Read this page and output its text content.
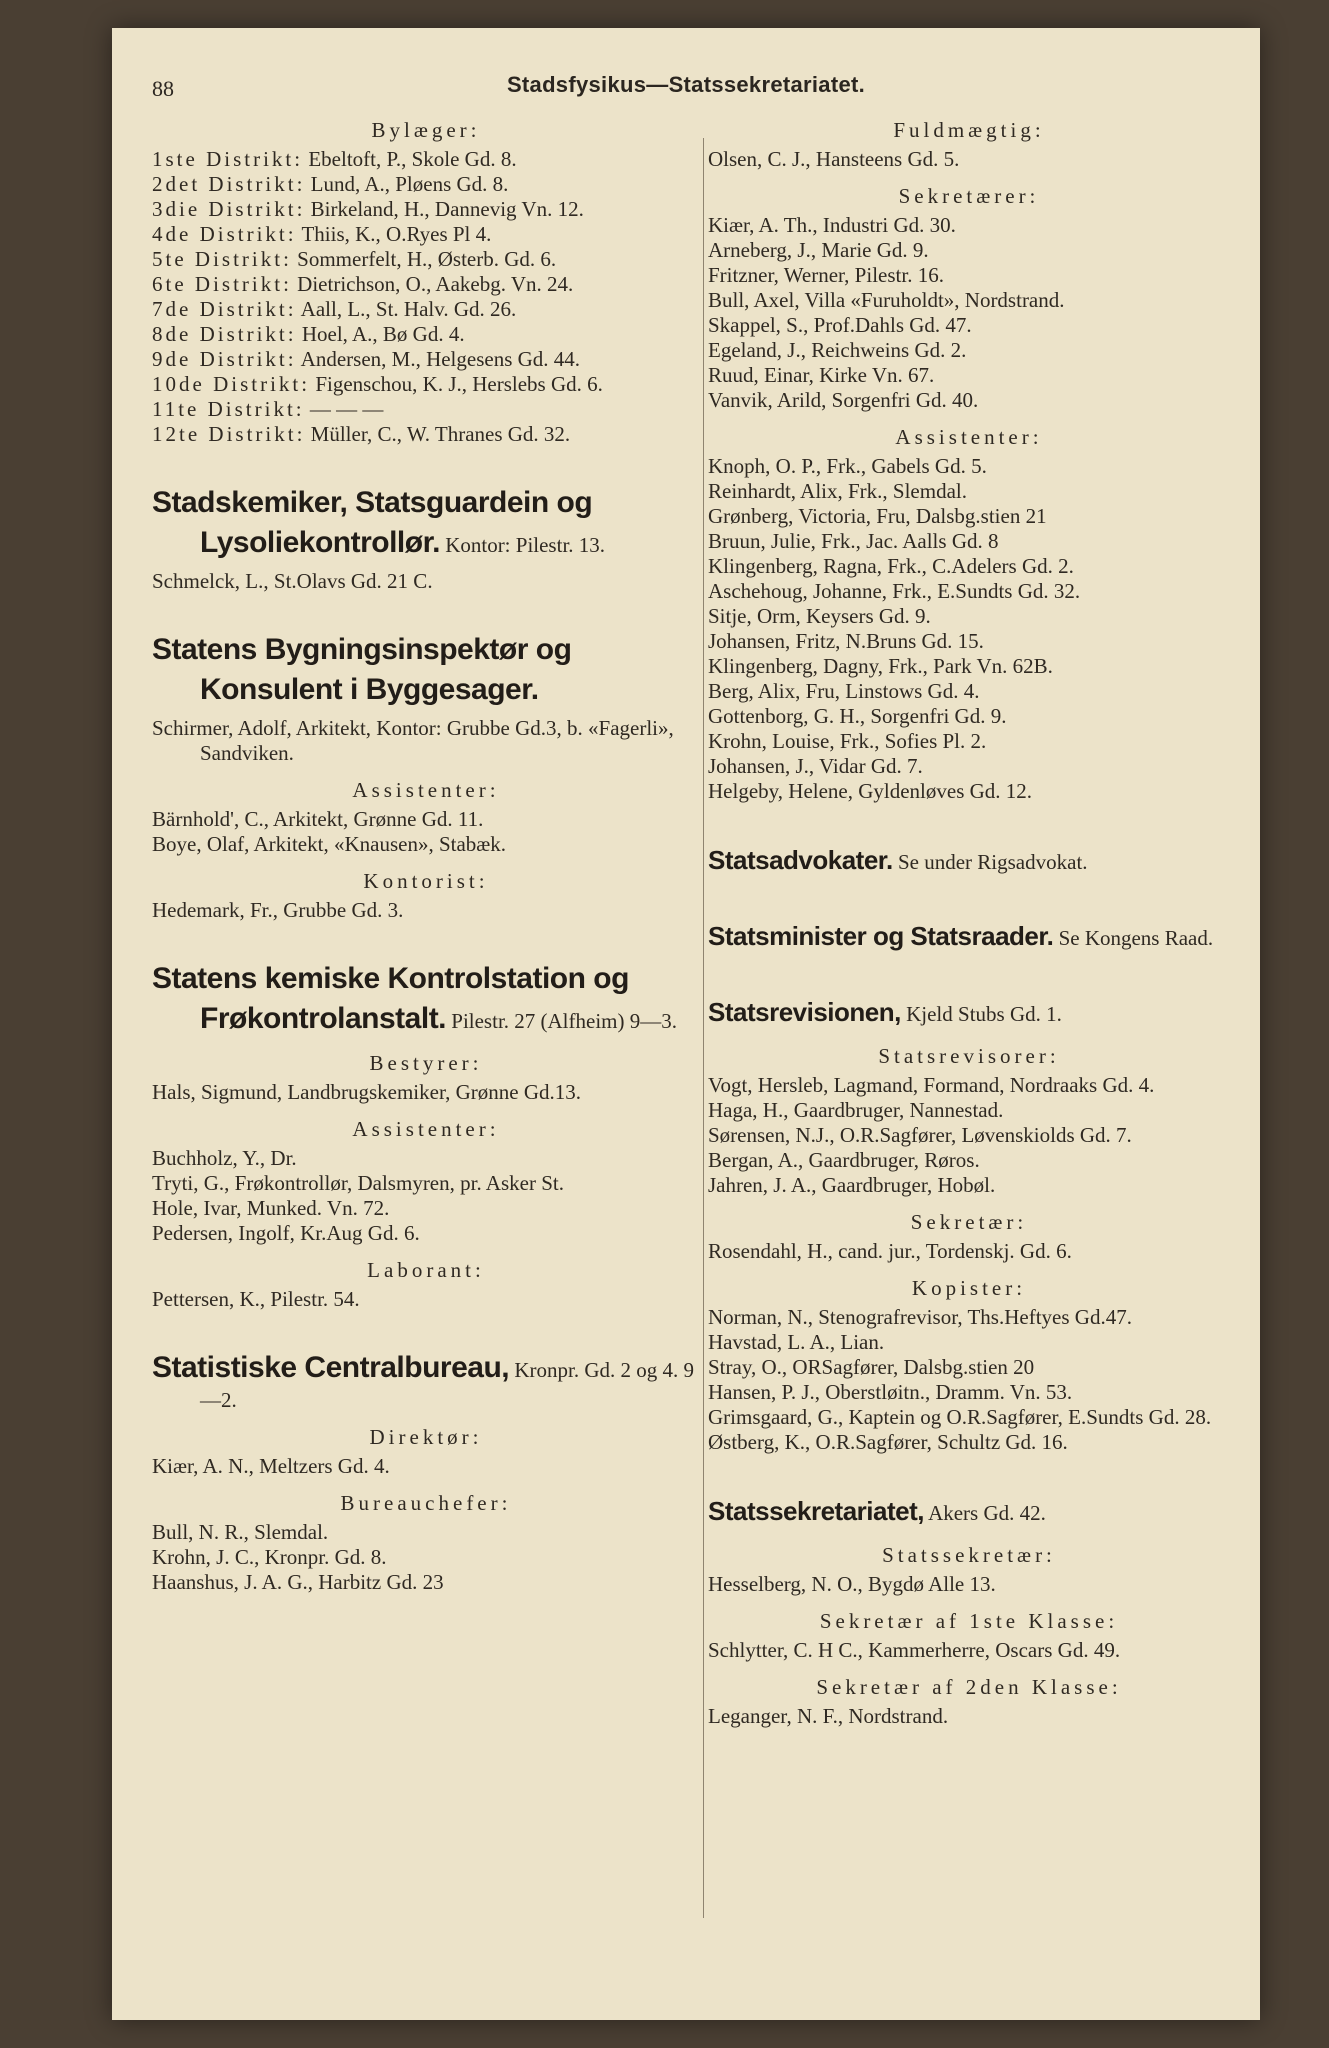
88	Stadsfysikus—Statssekretariatet.
Bylæger:
1ste Distrikt: Ebeltoft, P., Skole Gd. 8.
2det Distrikt: Lund, A., Pløens Gd. 8.
3die Distrikt: Birkeland, H., Dannevig Vn. 12.
4de Distrikt: Thiis, K., O.Ryes Pl 4.
5te Distrikt: Sommerfelt, H., Østerb. Gd. 6.
6te Distrikt: Dietrichson, O., Aakebg. Vn. 24.
7de Distrikt: Aall, L., St. Halv. Gd. 26.
8de Distrikt: Hoel, A., Bø Gd. 4.
9de Distrikt: Andersen, M., Helgesens Gd. 44.
10de Distrikt: Figenschou, K. J., Herslebs Gd. 6.
11te Distrikt: — — —
12te Distrikt: Müller, C., W. Thranes Gd. 32.
Stadskemiker, Statsguardein og Lysoliekontrollør. Kontor: Pilestr. 13.
Schmelck, L., St.Olavs Gd. 21 C.
Statens Bygningsinspektør og Konsulent i Byggesager.
Schirmer, Adolf, Arkitekt, Kontor: Grubbe Gd.3, b. «Fagerli», Sandviken.
Assistenter:
Bärnhold', C., Arkitekt, Grønne Gd. 11.
Boye, Olaf, Arkitekt, «Knausen», Stabæk.
Kontorist:
Hedemark, Fr., Grubbe Gd. 3.
Statens kemiske Kontrolstation og Frøkontrolanstalt. Pilestr. 27 (Alfheim) 9—3.
Bestyrer:
Hals, Sigmund, Landbrugskemiker, Grønne Gd.13.
Assistenter:
Buchholz, Y., Dr.
Tryti, G., Frøkontrollør, Dalsmyren, pr. Asker St.
Hole, Ivar, Munked. Vn. 72.
Pedersen, Ingolf, Kr.Aug Gd. 6.
Laborant:
Pettersen, K., Pilestr. 54.
Statistiske Centralbureau, Kronpr. Gd. 2 og 4. 9—2.
Direktør:
Kiær, A. N., Meltzers Gd. 4.
Bureauchefer:
Bull, N. R., Slemdal.
Krohn, J. C., Kronpr. Gd. 8.
Haanshus, J. A. G., Harbitz Gd. 23
Fuldmægtig:
Olsen, C. J., Hansteens Gd. 5.
Sekretærer:
Kiær, A. Th., Industri Gd. 30.
Arneberg, J., Marie Gd. 9.
Fritzner, Werner, Pilestr. 16.
Bull, Axel, Villa «Furuholdt», Nordstrand.
Skappel, S., Prof.Dahls Gd. 47.
Egeland, J., Reichweins Gd. 2.
Ruud, Einar, Kirke Vn. 67.
Vanvik, Arild, Sorgenfri Gd. 40.
Assistenter:
Knoph, O. P., Frk., Gabels Gd. 5.
Reinhardt, Alix, Frk., Slemdal.
Grønberg, Victoria, Fru, Dalsbg.stien 21
Bruun, Julie, Frk., Jac. Aalls Gd. 8
Klingenberg, Ragna, Frk., C.Adelers Gd. 2.
Aschehoug, Johanne, Frk., E.Sundts Gd. 32.
Sitje, Orm, Keysers Gd. 9.
Johansen, Fritz, N.Bruns Gd. 15.
Klingenberg, Dagny, Frk., Park Vn. 62B.
Berg, Alix, Fru, Linstows Gd. 4.
Gottenborg, G. H., Sorgenfri Gd. 9.
Krohn, Louise, Frk., Sofies Pl. 2.
Johansen, J., Vidar Gd. 7.
Helgeby, Helene, Gyldenløves Gd. 12.
Statsadvokater. Se under Rigsadvokat.
Statsminister og Statsraader. Se Kongens Raad.
Statsrevisionen, Kjeld Stubs Gd. 1.
Statsrevisorer:
Vogt, Hersleb, Lagmand, Formand, Nordraaks Gd. 4.
Haga, H., Gaardbruger, Nannestad.
Sørensen, N.J., O.R.Sagfører, Løvenskiolds Gd. 7.
Bergan, A., Gaardbruger, Røros.
Jahren, J. A., Gaardbruger, Hobøl.
Sekretær:
Rosendahl, H., cand. jur., Tordenskj. Gd. 6.
Kopister:
Norman, N., Stenografrevisor, Ths.Heftyes Gd.47.
Havstad, L. A., Lian.
Stray, O., ORSagfører, Dalsbg.stien 20
Hansen, P. J., Oberstløitn., Dramm. Vn. 53.
Grimsgaard, G., Kaptein og O.R.Sagfører, E.Sundts Gd. 28.
Østberg, K., O.R.Sagfører, Schultz Gd. 16.
Statssekretariatet, Akers Gd. 42.
Statssekretær:
Hesselberg, N. O., Bygdø Alle 13.
Sekretær af 1ste Klasse:
Schlytter, C. H C., Kammerherre, Oscars Gd. 49.
Sekretær af 2den Klasse:
Leganger, N. F., Nordstrand.
